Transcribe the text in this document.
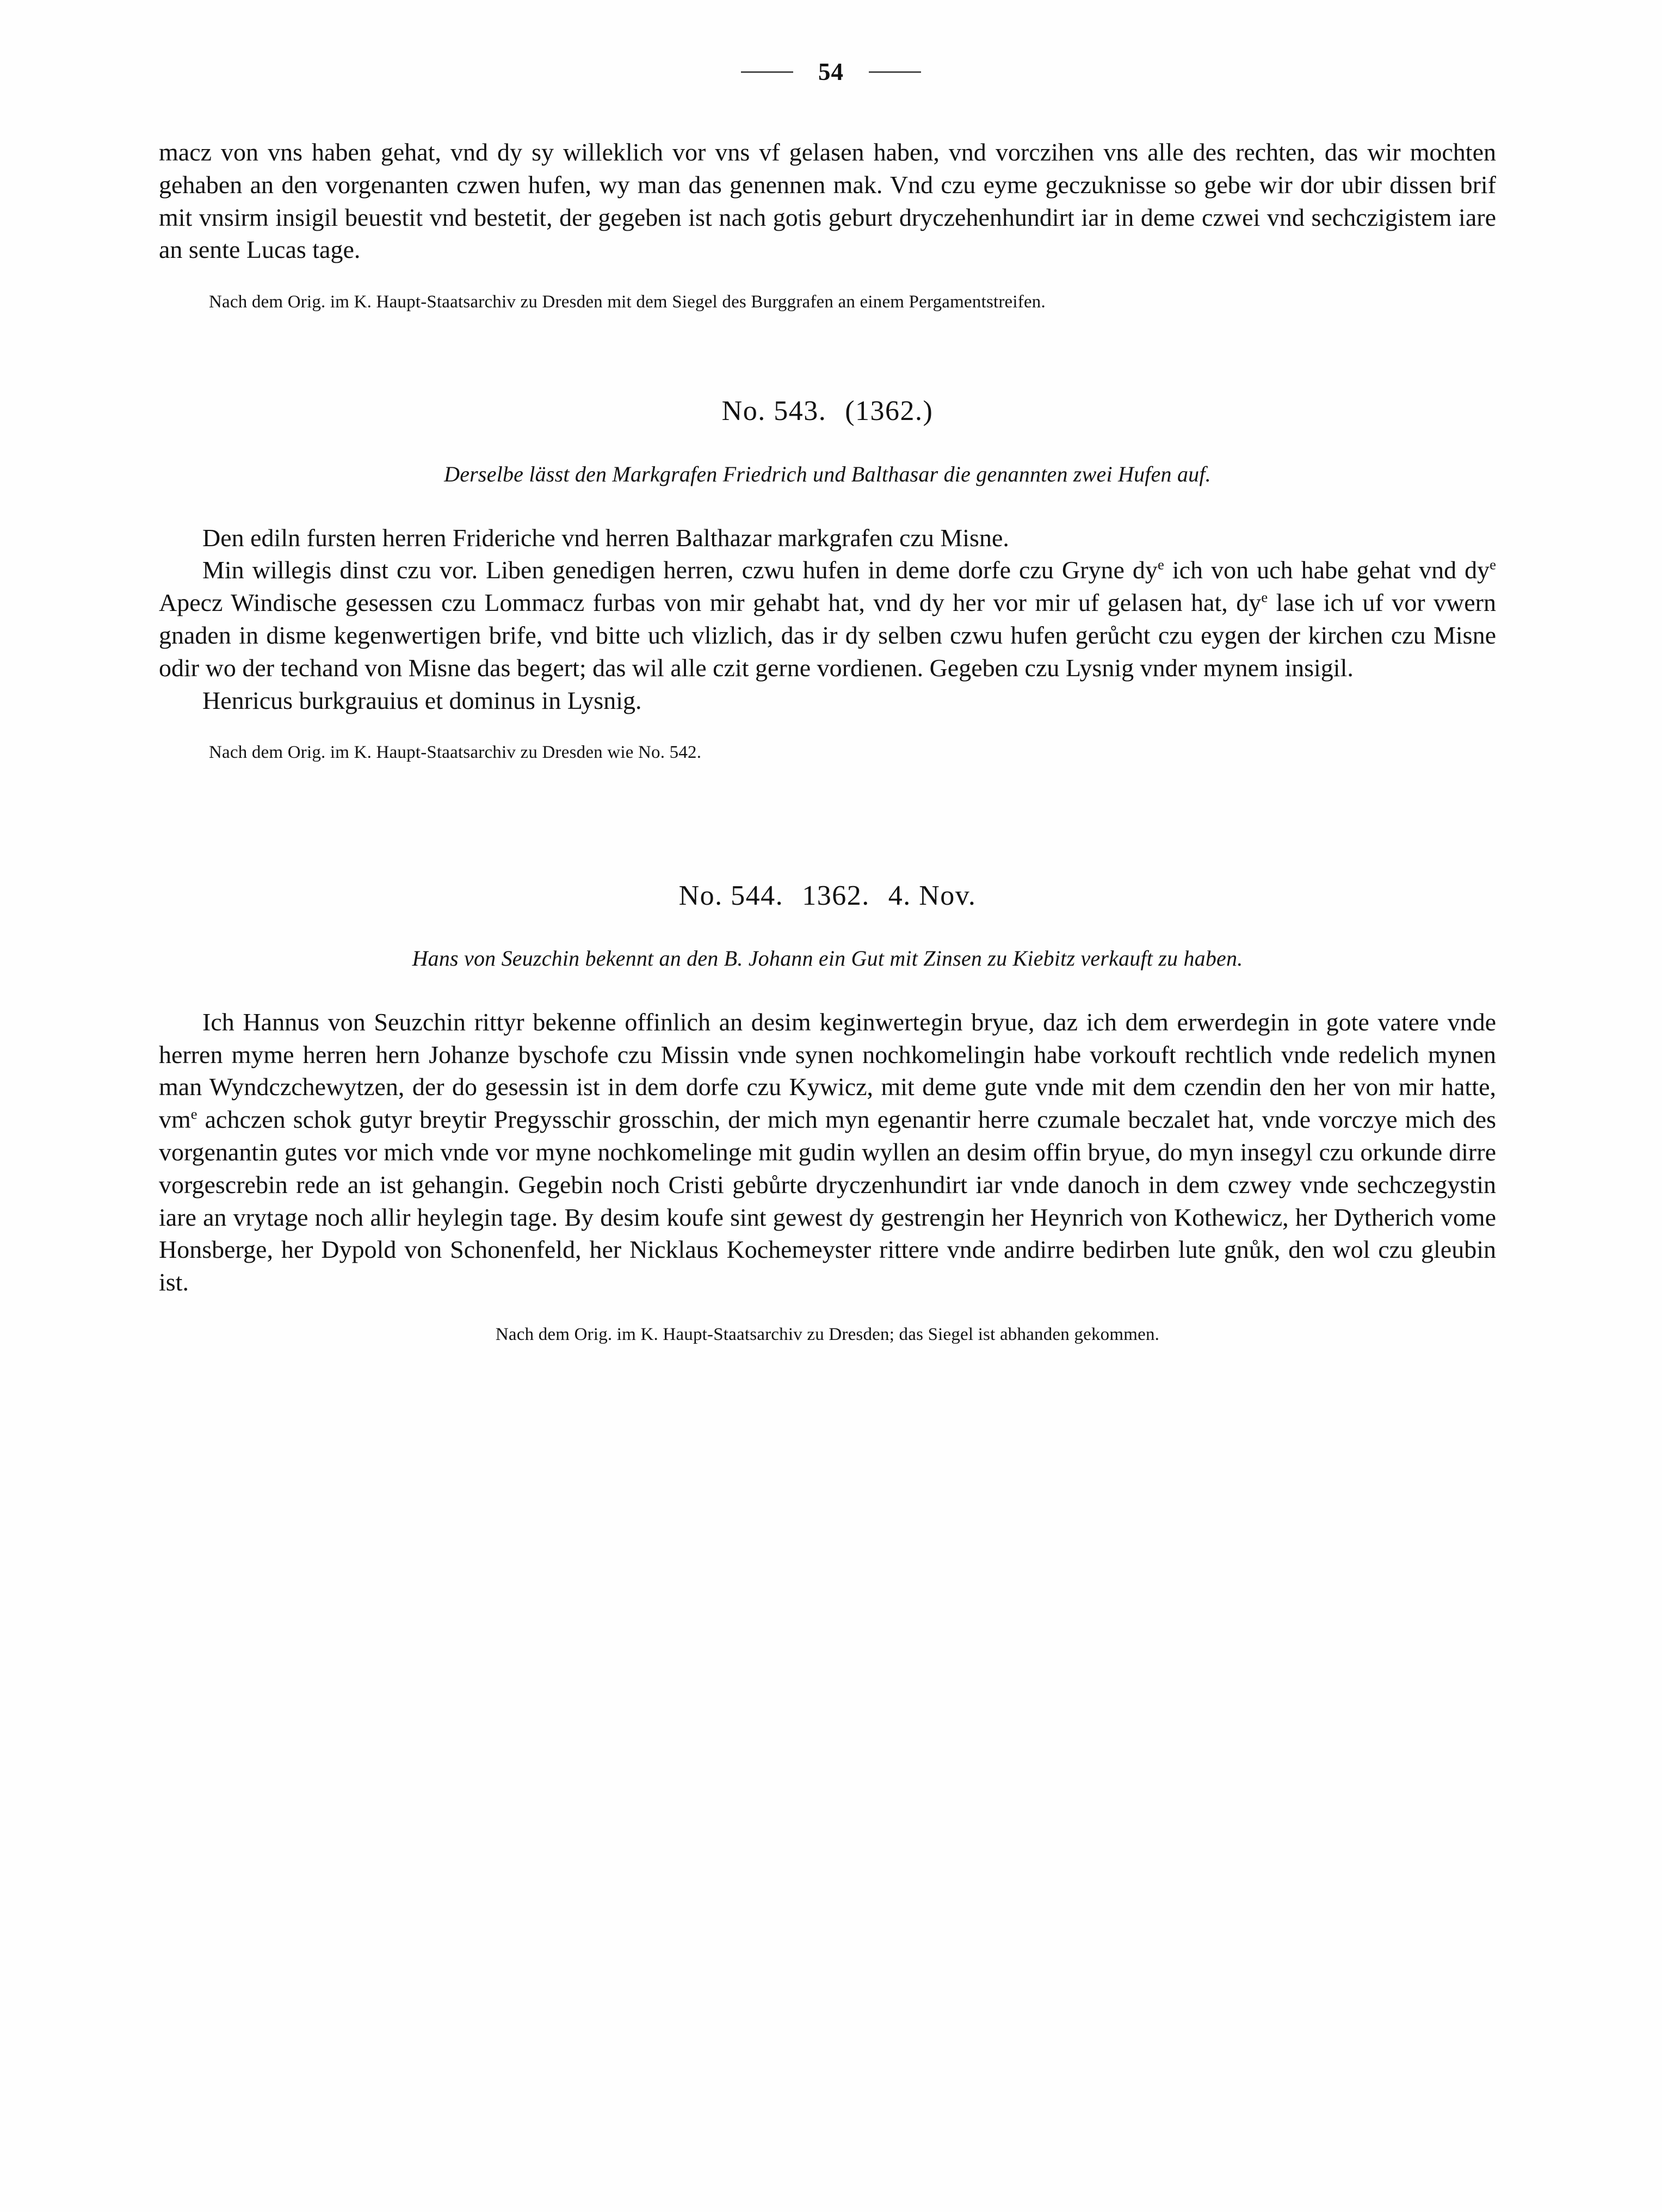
54

macz von vns haben gehat, vnd dy sy willeklich vor vns vf gelasen haben, vnd vorczihen vns alle des rechten, das wir mochten gehaben an den vorgenanten czwen hufen, wy man das genennen mak. Vnd czu eyme geczuknisse so gebe wir dor ubir dissen brif mit vnsirm insigil beuestit vnd bestetit, der gegeben ist nach gotis geburt dryczehenhundirt iar in deme czwei vnd sechczigistem iare an sente Lucas tage.

Nach dem Orig. im K. Haupt-Staatsarchiv zu Dresden mit dem Siegel des Burggrafen an einem Pergamentstreifen.

No. 543. (1362.)

Derselbe lässt den Markgrafen Friedrich und Balthasar die genannten zwei Hufen auf.

Den ediln fursten herren Frideriche vnd herren Balthazar markgrafen czu Misne.

Min willegis dinst czu vor. Liben genedigen herren, czwu hufen in deme dorfe czu Gryne $dy^e$ ich von uch habe gehat vnd $dy^e$ Apecz Windische gesessen czu Lommacz furbas von mir gehabt hat, vnd dy her vor mir uf gelasen hat, $dy^e$ lase ich uf vor vwern gnaden in disme kegenwertigen brife, vnd bitte uch vlizlich, das ir dy selben czwu hufen gerůcht czu eygen der kirchen czu Misne odir wo der techand von Misne das begert; das wil alle czit gerne vordienen. Gegeben czu Lysnig vnder mynem insigil.

Henricus burkgrauius et dominus in Lysnig.

Nach dem Orig. im K. Haupt-Staatsarchiv zu Dresden wie No. 542.

No. 544. 1362. 4. Nov.

Hans von Seuzchin bekennt an den B. Johann ein Gut mit Zinsen zu Kiebitz verkauft zu haben.

Ich Hannus von Seuzchin rittyr bekenne offinlich an desim keginwertegin bryue, daz ich dem erwerdegin in gote vatere vnde herren myme herren hern Johanze byschofe czu Missin vnde synen nochkomelingin habe vorkouft rechtlich vnde redelich mynen man Wyndczchewytzen, der do gesessin ist in dem dorfe czu Kywicz, mit deme gute vnde mit dem czendin den her von mir hatte, $vm^e$ achczen schok gutyr breytir Pregysschir grosschin, der mich myn egenantir herre czumale beczalet hat, vnde vorczye mich des vorgenantin gutes vor mich vnde vor myne nochkomelinge mit gudin wyllen an desim offin bryue, do myn insegyl czu orkunde dirre vorgescrebin rede an ist gehangin. Gegebin noch Cristi gebůrte dryczenhundirt iar vnde danoch in dem czwey vnde sechczegystin iare an vrytage noch allir heylegin tage. By desim koufe sint gewest dy gestrengin her Heynrich von Kothewicz, her Dytherich vome Honsberge, her Dypold von Schonenfeld, her Nicklaus Kochemeyster rittere vnde andirre bedirben lute gnůk, den wol czu gleubin ist.

Nach dem Orig. im K. Haupt-Staatsarchiv zu Dresden; das Siegel ist abhanden gekommen.
